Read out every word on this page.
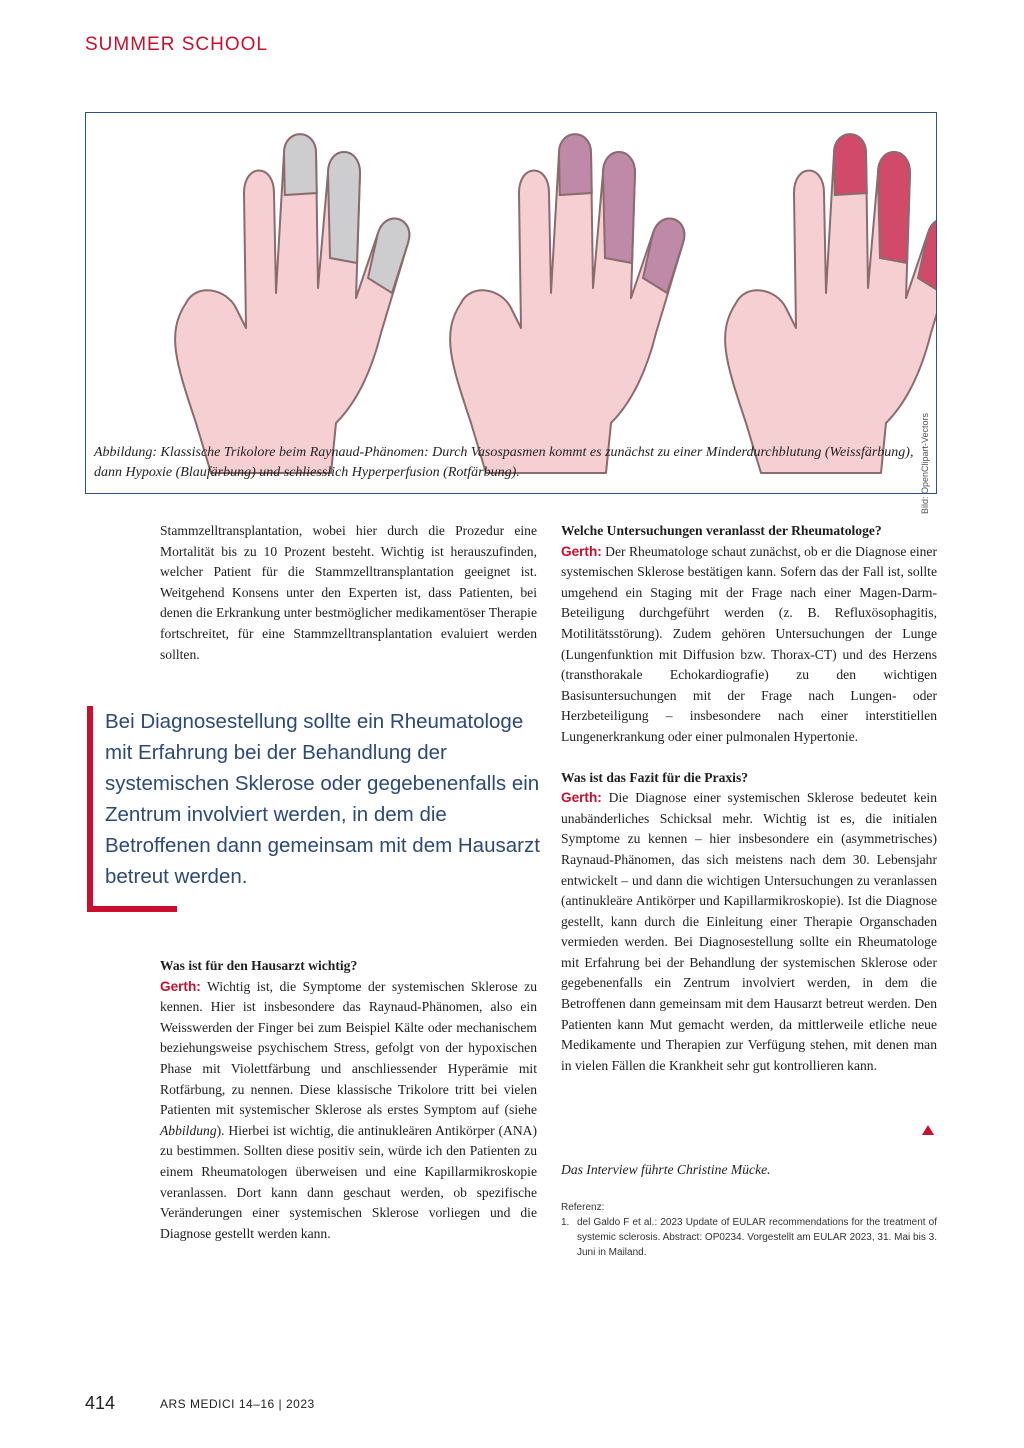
SUMMER SCHOOL
Bild: OpenClipart-Vectors
Abbildung: Klassische Trikolore beim Raynaud-Phänomen: Durch Vasospasmen kommt es zunächst zu einer Minderdurchblutung (Weissfärbung), dann Hypoxie (Blaufärbung) und schliesslich Hyperperfusion (Rotfärbung).

Stammzelltransplantation, wobei hier durch die Prozedur eine Mortalität bis zu 10 Prozent besteht. Wichtig ist herauszufinden, welcher Patient für die Stammzelltransplantation geeignet ist. Weitgehend Konsens unter den Experten ist, dass Patienten, bei denen die Erkrankung unter bestmöglicher medikamentöser Therapie fortschreitet, für eine Stammzelltransplantation evaluiert werden sollten.

Bei Diagnosestellung sollte ein Rheumatologe mit Erfahrung bei der Behandlung der systemischen Sklerose oder gegebenenfalls ein Zentrum involviert werden, in dem die Betroffenen dann gemeinsam mit dem Hausarzt betreut werden.

Was ist für den Hausarzt wichtig?

Gerth: Wichtig ist, die Symptome der systemischen Sklerose zu kennen. Hier ist insbesondere das Raynaud-Phänomen, also ein Weisswerden der Finger bei zum Beispiel Kälte oder mechanischem beziehungsweise psychischem Stress, gefolgt von der hypoxischen Phase mit Violettfärbung und anschliessender Hyperämie mit Rotfärbung, zu nennen. Diese klassische Trikolore tritt bei vielen Patienten mit systemischer Sklerose als erstes Symptom auf (siehe Abbildung). Hierbei ist wichtig, die antinukleären Antikörper (ANA) zu bestimmen. Sollten diese positiv sein, würde ich den Patienten zu einem Rheumatologen überweisen und eine Kapillarmikroskopie veranlassen. Dort kann dann geschaut werden, ob spezifische Veränderungen einer systemischen Sklerose vorliegen und die Diagnose gestellt werden kann.

Welche Untersuchungen veranlasst der Rheumatologe?

Gerth: Der Rheumatologe schaut zunächst, ob er die Diagnose einer systemischen Sklerose bestätigen kann. Sofern das der Fall ist, sollte umgehend ein Staging mit der Frage nach einer Magen-Darm-Beteiligung durchgeführt werden (z. B. Refluxösophagitis, Motilitätsstörung). Zudem gehören Untersuchungen der Lunge (Lungenfunktion mit Diffusion bzw. Thorax-CT) und des Herzens (transthorakale Echokardiografie) zu den wichtigen Basisuntersuchungen mit der Frage nach Lungen- oder Herzbeteiligung – insbesondere nach einer interstitiellen Lungenerkrankung oder einer pulmonalen Hypertonie.

Was ist das Fazit für die Praxis?

Gerth: Die Diagnose einer systemischen Sklerose bedeutet kein unabänderliches Schicksal mehr. Wichtig ist es, die initialen Symptome zu kennen – hier insbesondere ein (asymmetrisches) Raynaud-Phänomen, das sich meistens nach dem 30. Lebensjahr entwickelt – und dann die wichtigen Untersuchungen zu veranlassen (antinukleäre Antikörper und Kapillarmikroskopie). Ist die Diagnose gestellt, kann durch die Einleitung einer Therapie Organschaden vermieden werden. Bei Diagnosestellung sollte ein Rheumatologe mit Erfahrung bei der Behandlung der systemischen Sklerose oder gegebenenfalls ein Zentrum involviert werden, in dem die Betroffenen dann gemeinsam mit dem Hausarzt betreut werden. Den Patienten kann Mut gemacht werden, da mittlerweile etliche neue Medikamente und Therapien zur Verfügung stehen, mit denen man in vielen Fällen die Krankheit sehr gut kontrollieren kann.

Das Interview führte Christine Mücke.

Referenz:

1. del Galdo F et al.: 2023 Update of EULAR recommendations for the treatment of systemic sclerosis. Abstract: OP0234. Vorgestellt am EULAR 2023, 31. Mai bis 3. Juni in Mailand.
414	ARS MEDICI 14–16 | 2023
